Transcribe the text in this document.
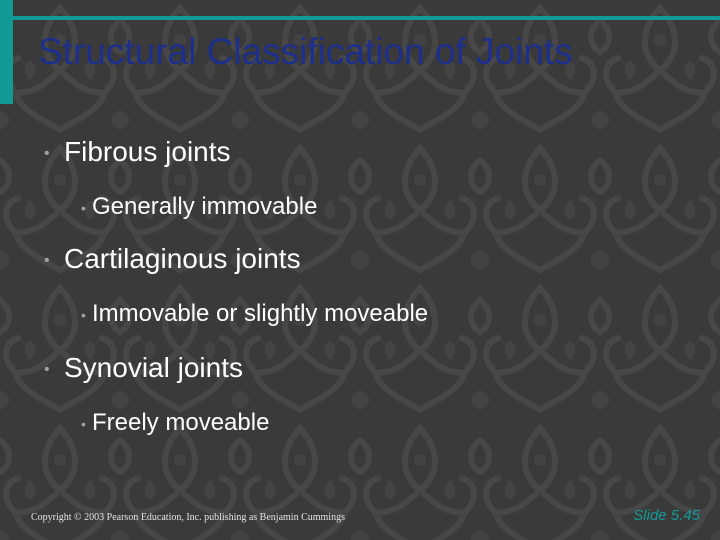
Structural Classification of Joints
• Fibrous joints
• Generally immovable
• Cartilaginous joints
• Immovable or slightly moveable
• Synovial joints
• Freely moveable
Copyright © 2003 Pearson Education, Inc. publishing as Benjamin Cummings	Slide 5.45
